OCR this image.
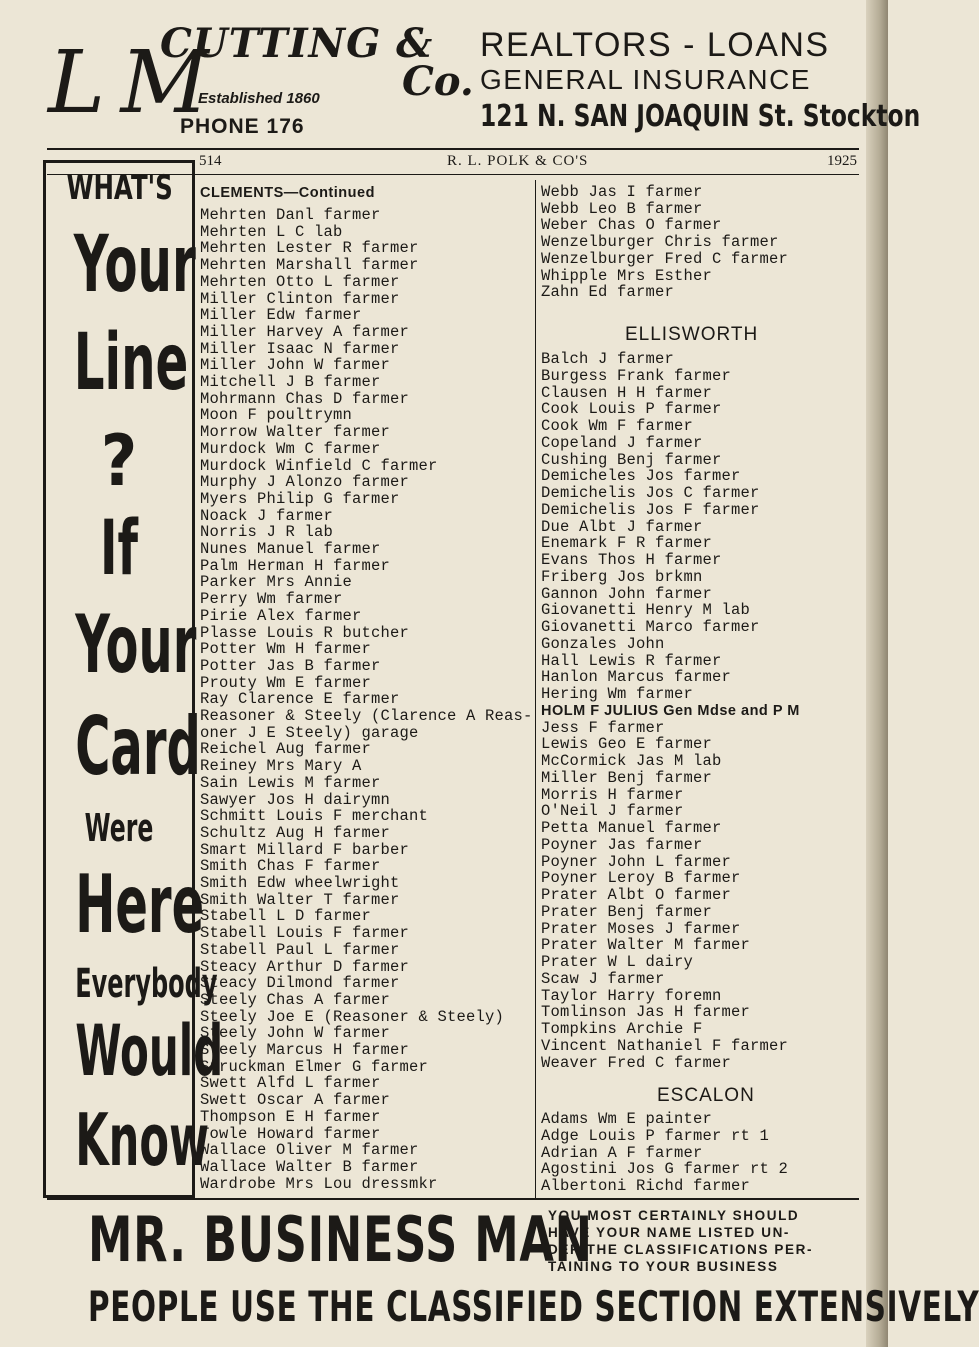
L M
CUTTING &
Co.
Established 1860
PHONE 176
REALTORS - LOANS
GENERAL INSURANCE
121 N. SAN JOAQUIN St. Stockton
514	R. L. POLK & CO'S	1925
WHAT'S
Your
Line
?
If
Your
Card
Were
Here
Everybody
Would
Know
CLEMENTS—Continued
Mehrten Danl farmer
Mehrten L C lab
Mehrten Lester R farmer
Mehrten Marshall farmer
Mehrten Otto L farmer
Miller Clinton farmer
Miller Edw farmer
Miller Harvey A farmer
Miller Isaac N farmer
Miller John W farmer
Mitchell J B farmer
Mohrmann Chas D farmer
Moon F poultrymn
Morrow Walter farmer
Murdock Wm C farmer
Murdock Winfield C farmer
Murphy J Alonzo farmer
Myers Philip G farmer
Noack J farmer
Norris J R lab
Nunes Manuel farmer
Palm Herman H farmer
Parker Mrs Annie
Perry Wm farmer
Pirie Alex farmer
Plasse Louis R butcher
Potter Wm H farmer
Potter Jas B farmer
Prouty Wm E farmer
Ray Clarence E farmer
Reasoner & Steely (Clarence A Reas-
oner J E Steely) garage
Reichel Aug farmer
Reiney Mrs Mary A
Sain Lewis M farmer
Sawyer Jos H dairymn
Schmitt Louis F merchant
Schultz Aug H farmer
Smart Millard F barber
Smith Chas F farmer
Smith Edw wheelwright
Smith Walter T farmer
Stabell L D farmer
Stabell Louis F farmer
Stabell Paul L farmer
Steacy Arthur D farmer
Steacy Dilmond farmer
Steely Chas A farmer
Steely Joe E (Reasoner & Steely)
Steely John W farmer
Steely Marcus H farmer
Struckman Elmer G farmer
Swett Alfd L farmer
Swett Oscar A farmer
Thompson E H farmer
Towle Howard farmer
Wallace Oliver M farmer
Wallace Walter B farmer
Wardrobe Mrs Lou dressmkr
Webb Jas I farmer
Webb Leo B farmer
Weber Chas O farmer
Wenzelburger Chris farmer
Wenzelburger Fred C farmer
Whipple Mrs Esther
Zahn Ed farmer
Balch J farmer
Burgess Frank farmer
Clausen H H farmer
Cook Louis P farmer
Cook Wm F farmer
Copeland J farmer
Cushing Benj farmer
Demicheles Jos farmer
Demichelis Jos C farmer
Demichelis Jos F farmer
Due Albt J farmer
Enemark F R farmer
Evans Thos H farmer
Friberg Jos brkmn
Gannon John farmer
Giovanetti Henry M lab
Giovanetti Marco farmer
Gonzales John
Hall Lewis R farmer
Hanlon Marcus farmer
Hering Wm farmer
HOLM F JULIUS Gen Mdse and P M
Jess F farmer
Lewis Geo E farmer
McCormick Jas M lab
Miller Benj farmer
Morris H farmer
O'Neil J farmer
Petta Manuel farmer
Poyner Jas farmer
Poyner John L farmer
Poyner Leroy B farmer
Prater Albt O farmer
Prater Benj farmer
Prater Moses J farmer
Prater Walter M farmer
Prater W L dairy
Scaw J farmer
Taylor Harry foremn
Tomlinson Jas H farmer
Tompkins Archie F
Vincent Nathaniel F farmer
Weaver Fred C farmer
Adams Wm E painter
Adge Louis P farmer rt 1
Adrian A F farmer
Agostini Jos G farmer rt 2
Albertoni Richd farmer
ELLISWORTH
ESCALON
MR. BUSINESS MAN
PEOPLE USE THE CLASSIFIED SECTION EXTENSIVELY
YOU MOST CERTAINLY SHOULD
HAVE YOUR NAME LISTED UN-
DER THE CLASSIFICATIONS PER-
TAINING TO YOUR BUSINESS
